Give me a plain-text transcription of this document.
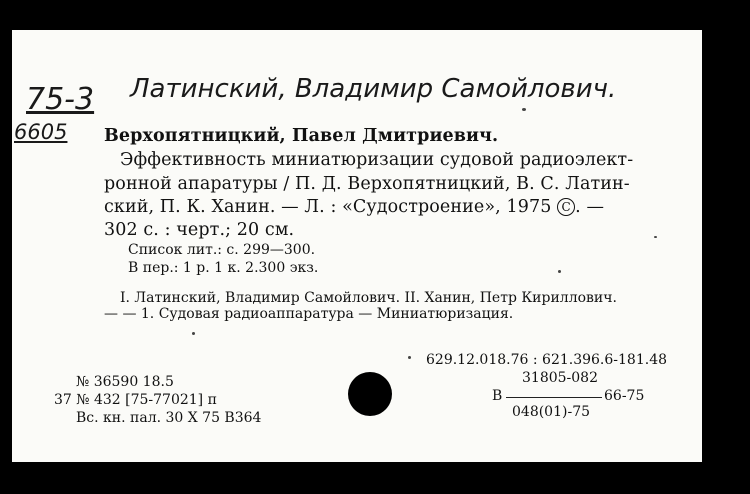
75-3
6605
Латинский, Владимир Самойлович.
Верхопятницкий, Павел Дмитриевич.
Эффективность миниатюризации судовой радиоэлект-
ронной апаратуры / П. Д. Верхопятницкий, В. С. Латин-
ский, П. К. Ханин. — Л. : «Судостроение», 1975 C . —
302 с. : черт.; 20 см.
Список лит.: с. 299—300.
В пер.: 1 р. 1 к. 2.300 экз.
I. Латинский, Владимир Самойлович. II. Ханин, Петр Кириллович.
— — 1. Судовая радиоаппаратура — Миниатюризация.
629.12.018.76 : 621.396.6-181.48
31805-082
В	66-75
048(01)-75
№ 36590 18.5
37 № 432 [75-77021] п
Вс. кн. пал. 30 X 75 В364
